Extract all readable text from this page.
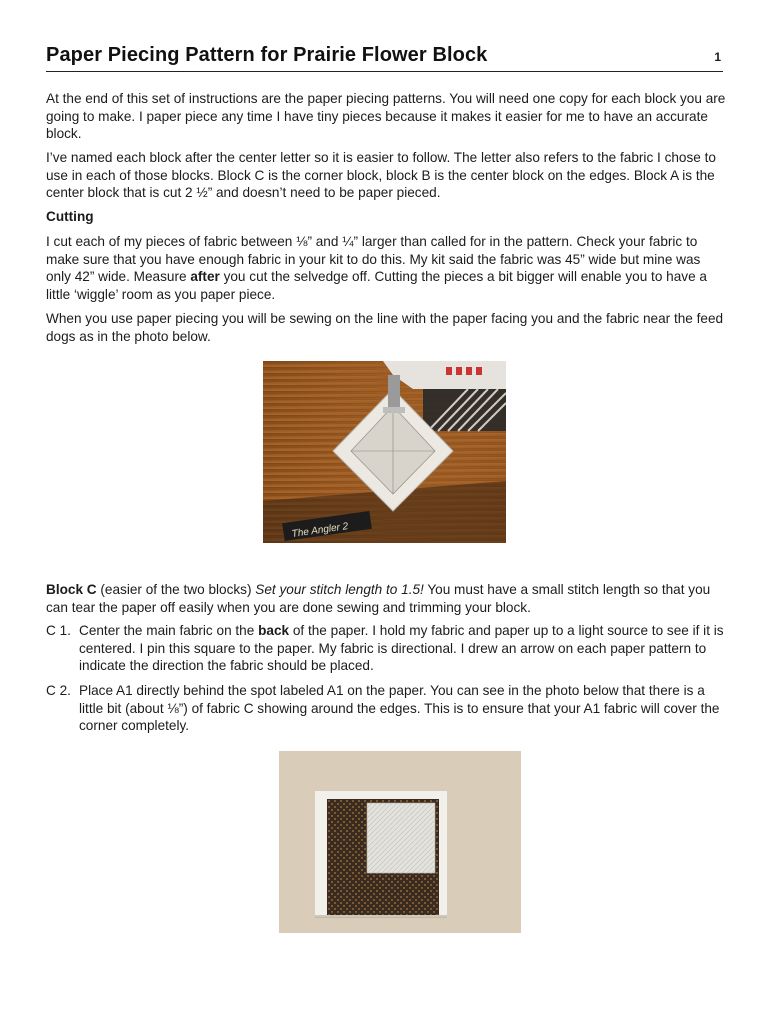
Paper Piecing Pattern for Prairie Flower Block	1

At the end of this set of instructions are the paper piecing patterns. You will need one copy for each block you are going to make. I paper piece any time I have tiny pieces because it makes it easier for me to have an accurate block.

I’ve named each block after the center letter so it is easier to follow. The letter also refers to the fabric I chose to use in each of those blocks. Block C is the corner block, block B is the center block on the edges. Block A is the center block that is cut 2 ½” and doesn’t need to be paper pieced.

Cutting

I cut each of my pieces of fabric between ⅛” and ¼” larger than called for in the pattern. Check your fabric to make sure that you have enough fabric in your kit to do this. My kit said the fabric was 45” wide but mine was only 42” wide. Measure after you cut the selvedge off. Cutting the pieces a bit bigger will enable you to have a little ‘wiggle’ room as you paper piece.

When you use paper piecing you will be sewing on the line with the paper facing you and the fabric near the feed dogs as in the photo below.

The Angler 2

Block C (easier of the two blocks) Set your stitch length to 1.5! You must have a small stitch length so that you can tear the paper off easily when you are done sewing and trimming your block.

C 1. Center the main fabric on the back of the paper. I hold my fabric and paper up to a light source to see if it is centered. I pin this square to the paper. My fabric is directional. I drew an arrow on each paper pattern to indicate the direction the fabric should be placed.
C 2. Place A1 directly behind the spot labeled A1 on the paper. You can see in the photo below that there is a little bit (about ⅛”) of fabric C showing around the edges. This is to ensure that your A1 fabric will cover the corner completely.
